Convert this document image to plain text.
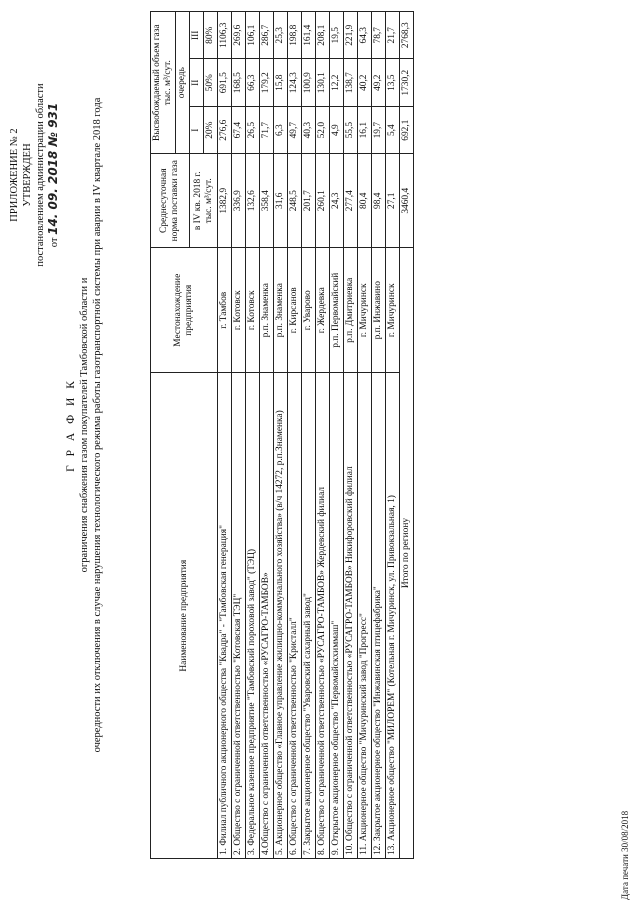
ПРИЛОЖЕНИЕ № 2 УТВЕРЖДЕН постановлением администрации области от 14. 09. 2018 № 931
Г Р А Ф И К ограничения снабжения газом покупателей Тамбовской области и очередности их отключения в случае нарушения технологического режима работы газотранспортной системы при аварии в IV квартале 2018 года	Наименование предприятия	Местонахождение предприятия	Среднесуточная норма поставки газа	Высвобождаемый объем газа тыс. м³/сут.		
			очередь		

		в IV кв. 2018 г. тыс. м³/сут.	I	II	III
			20%	50%	80%
1. Филиал публичного акционерного общества "Квадра" - "Тамбовская генерация"	г. Тамбов	1382,9	276,6	691,5	1106,3
2. Общество с ограниченной ответственностью "Котовская ТЭЦ"	г. Котовск	336,9	67,4	168,5	269,6
3. Федеральное казенное предприятие "Тамбовский пороховой завод" (ТЭЦ)	г. Котовск	132,6	26,5	66,3	106,1
4.Общество с ограниченной ответственностью «РУСАГРО-ТАМБОВ»	р.п. Знаменка	358,4	71,7	179,2	286,7
5. Акционерное общество «Главное управление жилищно-коммунального хозяйства» (в/ч 14272, р.п.Знаменка)	р.п. Знаменка	31,6	6,3	15,8	25,3
6. Общество с ограниченной ответственностью "Кристалл"	г. Кирсанов	248,5	49,7	124,3	198,8
7. Закрытое акционерное общество "Уваровский сахарный завод"	г. Уварово	201,7	40,3	100,9	161,4
8. Общество с ограниченной ответственностью «РУСАГРО-ТАМБОВ» Жердевский филиал	г. Жердевка	260,1	52,0	130,1	208,1
9. Открытое акционерное общество "Первомайскхиммаш"	р.п. Первомайский	24,3	4,9	12,2	19,5
10. Общество с ограниченной ответственностью «РУСАГРО-ТАМБОВ» Никифоровский филиал	р.п. Дмитриевка	277,4	55,5	138,7	221,9
11. Акционерное общество "Мичуринский завод "Прогресс"	г. Мичуринск	80,4	16,1	40,2	64,3
12. Закрытое акционерное общество "Инжавинская птицефабрика"	р.п. Инжавино	98,4	19,7	49,2	78,7
13. Акционерное общество "МИЛОРЕМ" (Котельная г. Мичуринск, ул. Привокзальная, 1)	г. Мичуринск	27,1	5,4	13,5	21,7
Итого по региону		3460,4	692,1	1730,2	2768,3
Дата печати 30/08/2018
